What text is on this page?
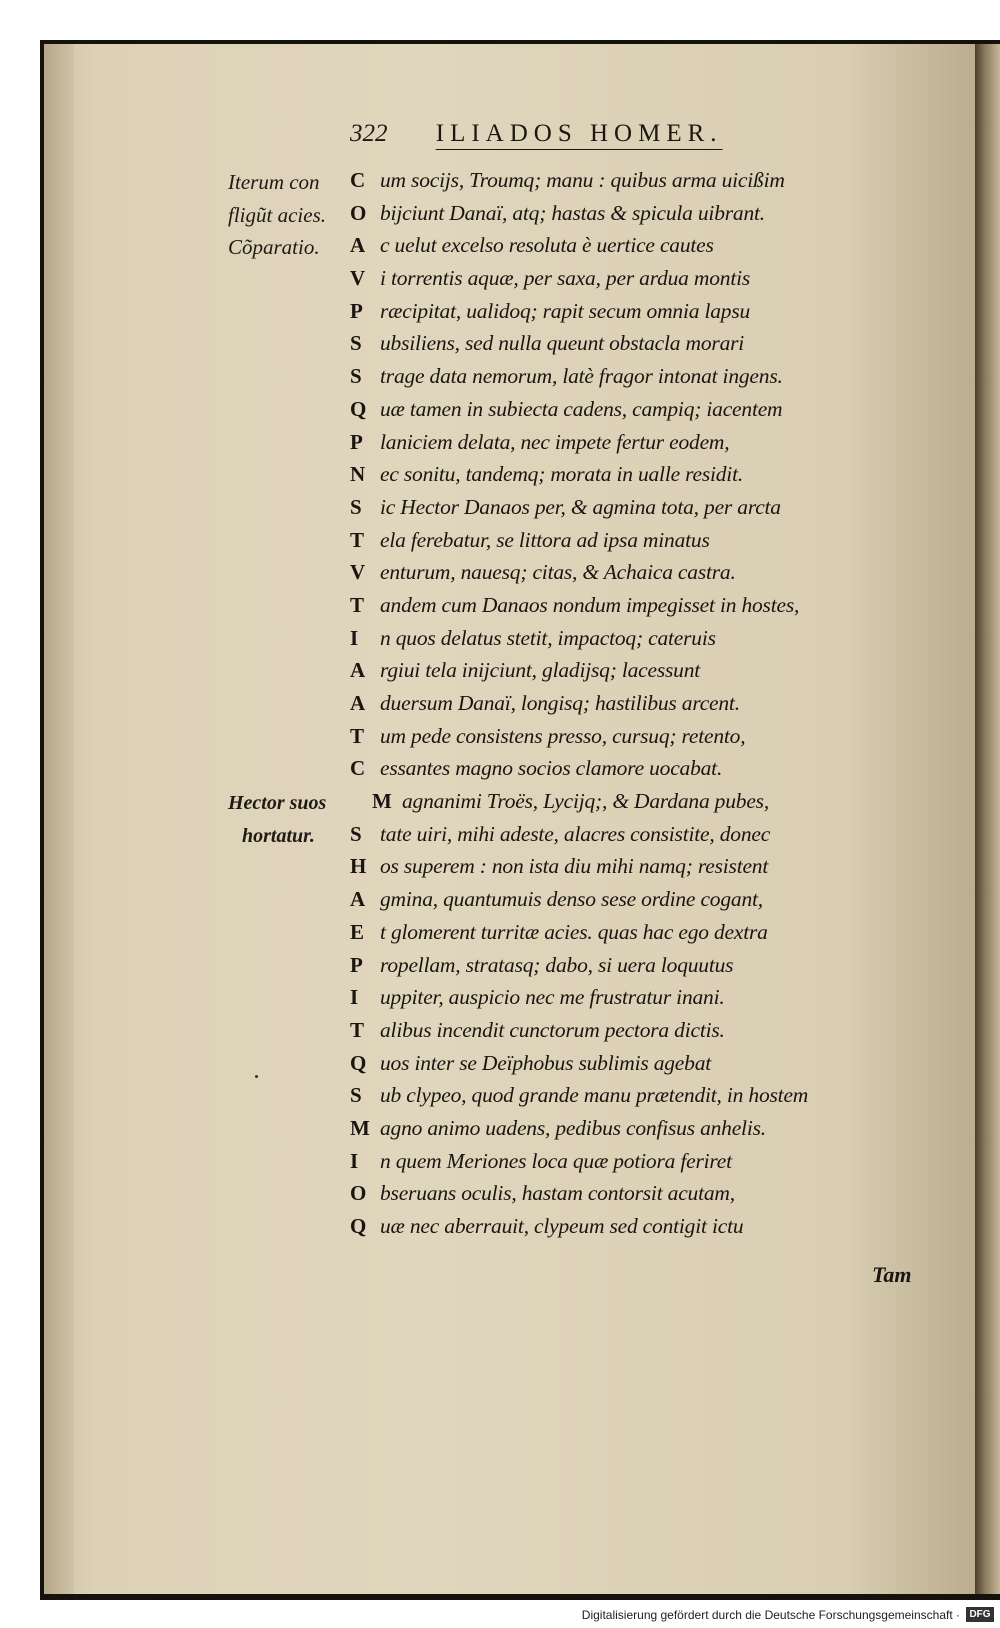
322 ILIADOS HOMER.
Iterum con
fligũt acies.
Cõparatio.
Hector suos
hortatur.
C um socijs, Troumq; manu : quibus arma uicißim
O bijciunt Danaï, atq; hastas & spicula uibrant.
A c uelut excelso resoluta è uertice cautes
V i torrentis aquæ, per saxa, per ardua montis
P ræcipitat, ualidoq; rapit secum omnia lapsu
S ubsiliens, sed nulla queunt obstacla morari
S trage data nemorum, latè fragor intonat ingens.
Q uæ tamen in subiecta cadens, campiq; iacentem
P laniciem delata, nec impete fertur eodem,
N ec sonitu, tandemq; morata in ualle residit.
S ic Hector Danaos per, & agmina tota, per arcta
T ela ferebatur, se littora ad ipsa minatus
V enturum, nauesq; citas, & Achaica castra.
T andem cum Danaos nondum impegisset in hostes,
I	n quos delatus stetit, impactoq; cateruis
A rgiui tela inijciunt, gladijsq; lacessunt
A duersum Danaï, longisq; hastilibus arcent.
T um pede consistens presso, cursuq; retento,
C essantes magno socios clamore uocabat.
M agnanimi Troës, Lycijq;, & Dardana pubes,
S tate uiri, mihi adeste, alacres consistite, donec
H os superem : non ista diu mihi namq; resistent
A gmina, quantumuis denso sese ordine cogant,
E t glomerent turritæ acies. quas hac ego dextra
P ropellam, stratasq; dabo, si uera loquutus
I	uppiter, auspicio nec me frustratur inani.
T alibus incendit cunctorum pectora dictis.
Q uos inter se Deïphobus sublimis agebat
S ub clypeo, quod grande manu prætendit, in hostem
M agno animo uadens, pedibus confisus anhelis.
I	n quem Meriones loca quæ potiora feriret
O bseruans oculis, hastam contorsit acutam,
Q uæ nec aberrauit, clypeum sed contigit ictu
Tam
Digitalisierung gefördert durch die Deutsche Forschungsgemeinschaft · DFG
